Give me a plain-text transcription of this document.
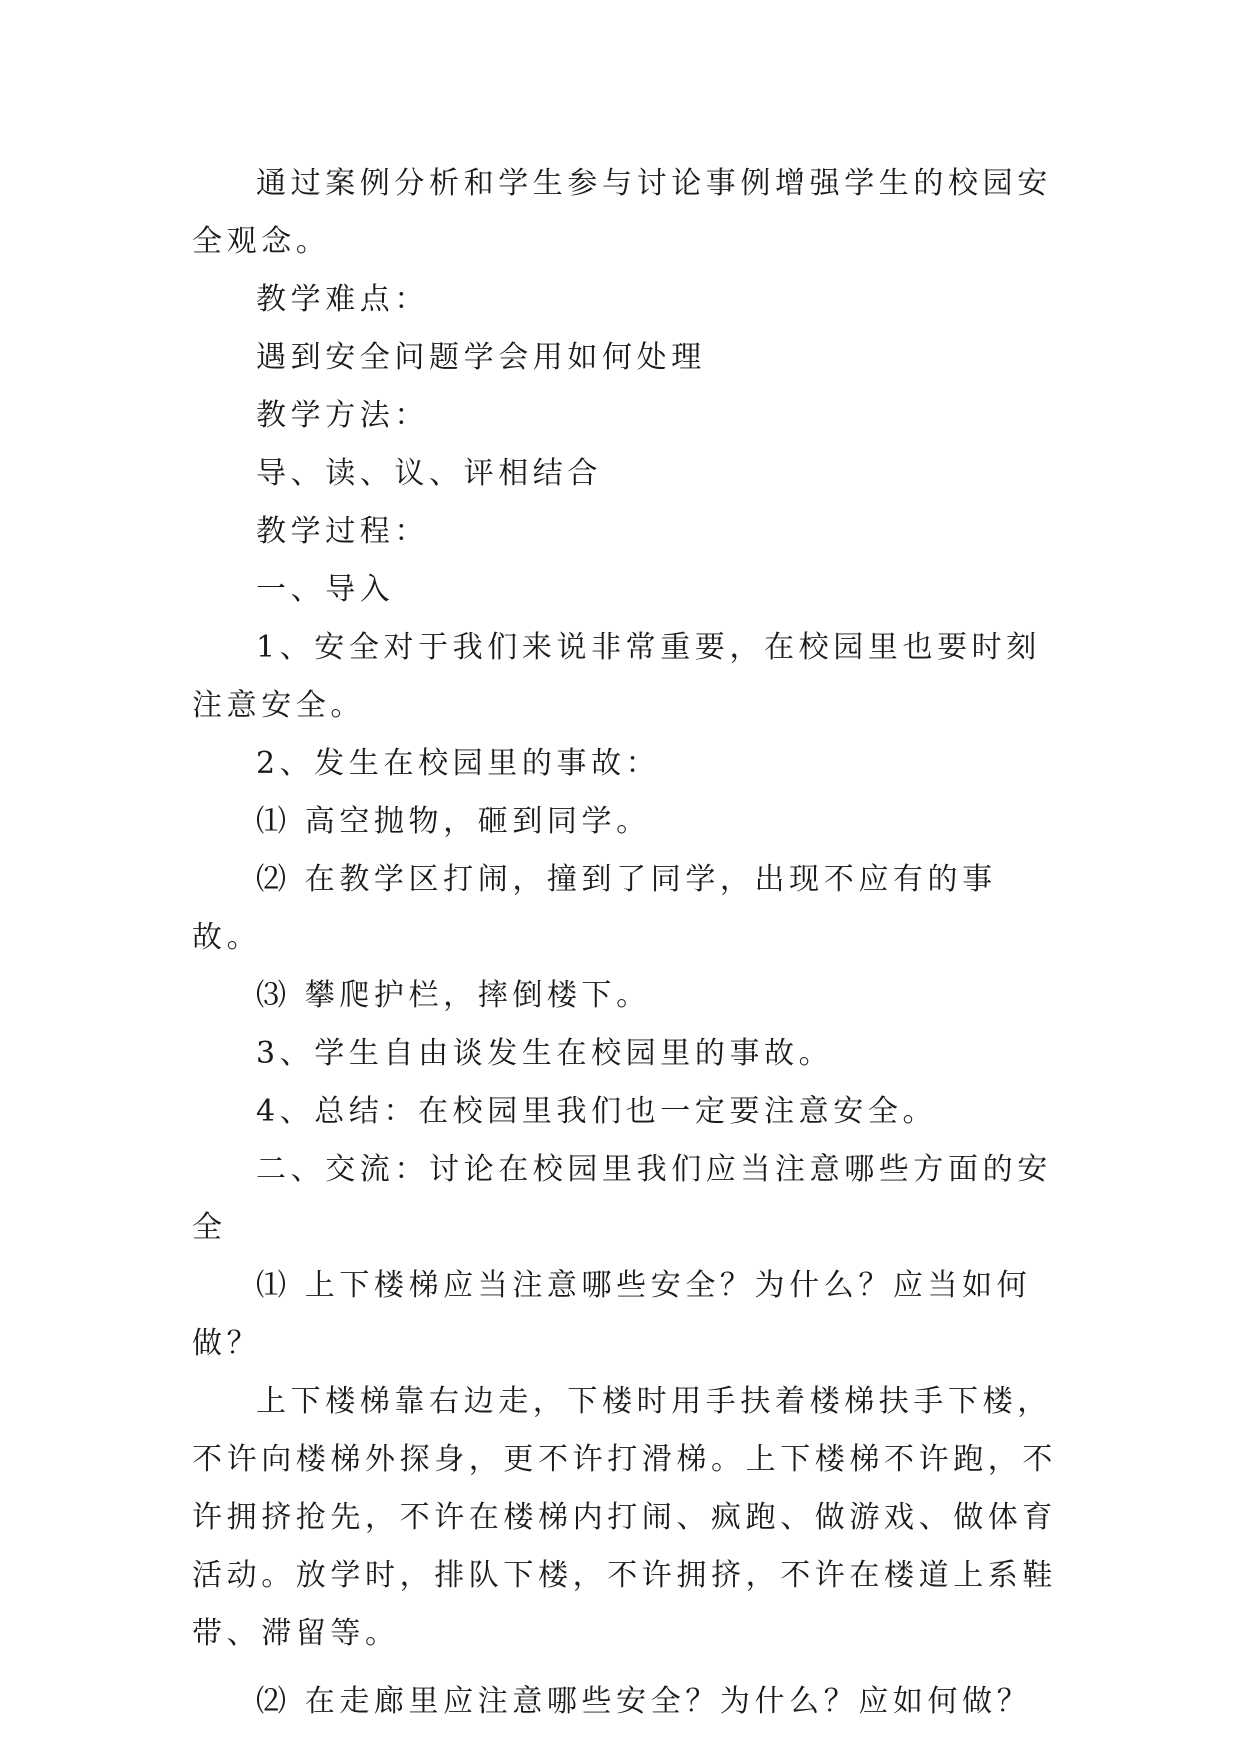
通过案例分析和学生参与讨论事例增强学生的校园安全观念。

教学难点：

遇到安全问题学会用如何处理

教学方法：

导、读、议、评相结合

教学过程：

一、导入

1、安全对于我们来说非常重要，在校园里也要时刻注意安全。

2、发生在校园里的事故：

⑴ 高空抛物，砸到同学。

⑵ 在教学区打闹，撞到了同学，出现不应有的事故。

⑶ 攀爬护栏，摔倒楼下。

3、学生自由谈发生在校园里的事故。

4、总结：在校园里我们也一定要注意安全。

二、交流：讨论在校园里我们应当注意哪些方面的安全

⑴ 上下楼梯应当注意哪些安全？为什么？应当如何做？

上下楼梯靠右边走，下楼时用手扶着楼梯扶手下楼，不许向楼梯外探身，更不许打滑梯。上下楼梯不许跑，不许拥挤抢先，不许在楼梯内打闹、疯跑、做游戏、做体育活动。放学时，排队下楼，不许拥挤，不许在楼道上系鞋带、滞留等。

⑵ 在走廊里应注意哪些安全？为什么？应如何做？
